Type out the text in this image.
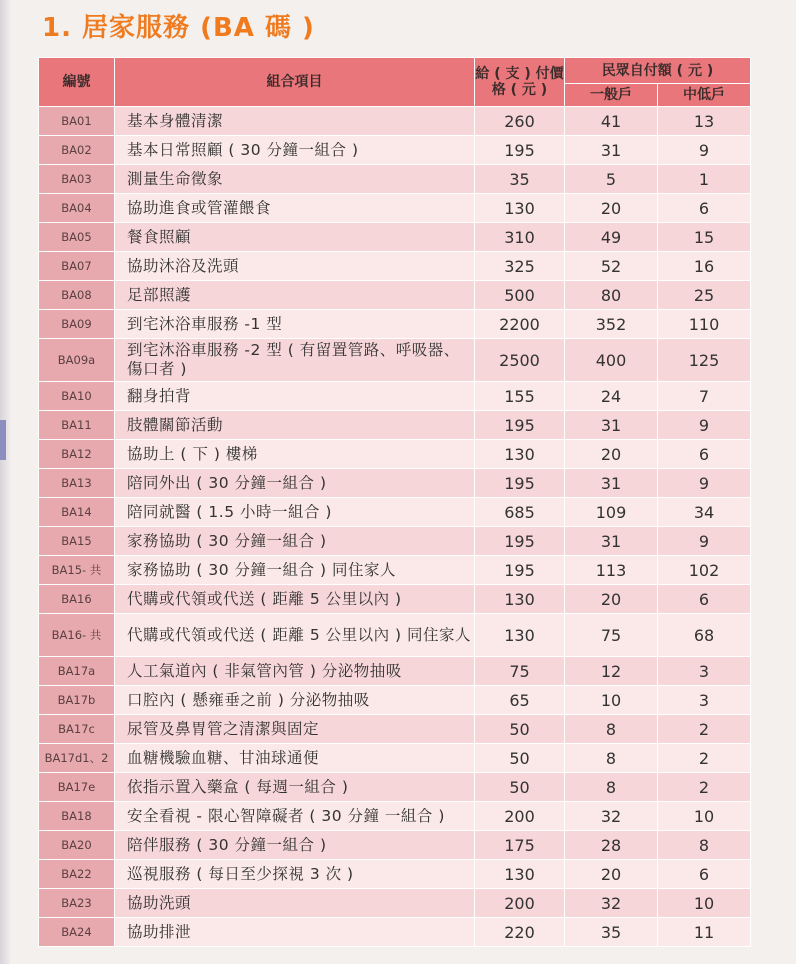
1. 居家服務 (BA 碼 )
編號	組合項目	給 ( 支 ) 付價格 ( 元 )	民眾自付額 ( 元 )	
			一般戶	中低戶
BA01	基本身體清潔	260	41	13
BA02	基本日常照顧 ( 30 分鐘一組合 )	195	31	9
BA03	測量生命徵象	35	5	1
BA04	協助進食或管灌餵食	130	20	6
BA05	餐食照顧	310	49	15
BA07	協助沐浴及洗頭	325	52	16
BA08	足部照護	500	80	25
BA09	到宅沐浴車服務 -1 型	2200	352	110
BA09a	到宅沐浴車服務 -2 型 ( 有留置管路、呼吸器、傷口者 )	2500	400	125
BA10	翻身拍背	155	24	7
BA11	肢體關節活動	195	31	9
BA12	協助上 ( 下 ) 樓梯	130	20	6
BA13	陪同外出 ( 30 分鐘一組合 )	195	31	9
BA14	陪同就醫 ( 1.5 小時一組合 )	685	109	34
BA15	家務協助 ( 30 分鐘一組合 )	195	31	9
BA15- 共	家務協助 ( 30 分鐘一組合 ) 同住家人	195	113	102
BA16	代購或代領或代送 ( 距離 5 公里以內 )	130	20	6
BA16- 共	代購或代領或代送 ( 距離 5 公里以內 ) 同住家人	130	75	68
BA17a	人工氣道內 ( 非氣管內管 ) 分泌物抽吸	75	12	3
BA17b	口腔內 ( 懸雍垂之前 ) 分泌物抽吸	65	10	3
BA17c	尿管及鼻胃管之清潔與固定	50	8	2
BA17d1、2	血糖機驗血糖、甘油球通便	50	8	2
BA17e	依指示置入藥盒 ( 每週一組合 )	50	8	2
BA18	安全看視 - 限心智障礙者 ( 30 分鐘 一組合 )	200	32	10
BA20	陪伴服務 ( 30 分鐘一組合 )	175	28	8
BA22	巡視服務 ( 每日至少探視 3 次 )	130	20	6
BA23	協助洗頭	200	32	10
BA24	協助排泄	220	35	11
